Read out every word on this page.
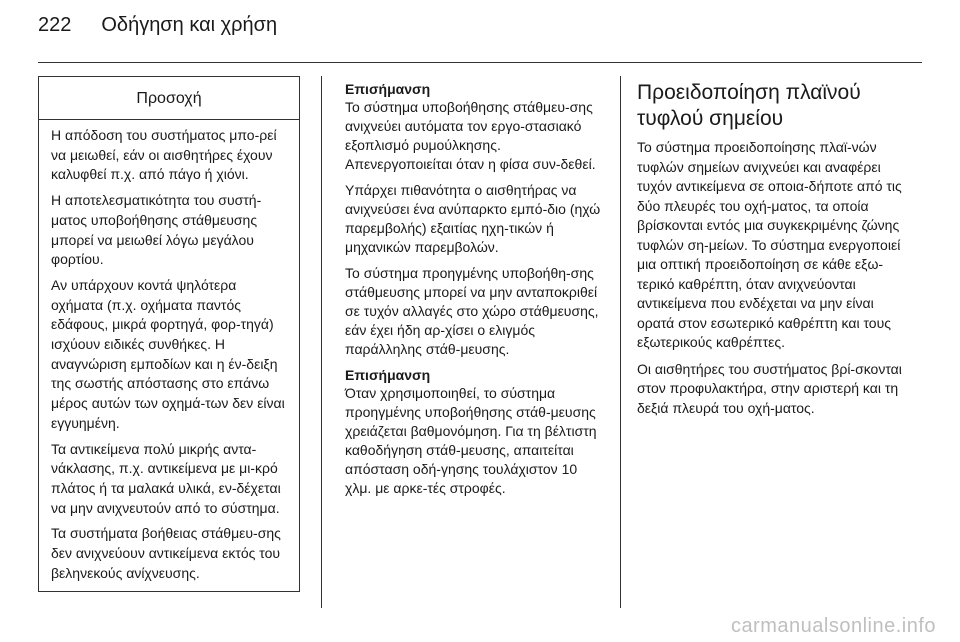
222 Οδήγηση και χρήση
Προσοχή

Η απόδοση του συστήματος μπο-ρεί να μειωθεί, εάν οι αισθητήρες έχουν καλυφθεί π.χ. από πάγο ή χιόνι.

Η αποτελεσματικότητα του συστή-ματος υποβοήθησης στάθμευσης μπορεί να μειωθεί λόγω μεγάλου φορτίου.

Αν υπάρχουν κοντά ψηλότερα οχήματα (π.χ. οχήματα παντός εδάφους, μικρά φορτηγά, φορ-τηγά) ισχύουν ειδικές συνθήκες. Η αναγνώριση εμποδίων και η έν-δειξη της σωστής απόστασης στο επάνω μέρος αυτών των οχημά-των δεν είναι εγγυημένη.

Τα αντικείμενα πολύ μικρής αντα-νάκλασης, π.χ. αντικείμενα με μι-κρό πλάτος ή τα μαλακά υλικά, εν-δέχεται να μην ανιχνευτούν από το σύστημα.

Τα συστήματα βοήθειας στάθμευ-σης δεν ανιχνεύουν αντικείμενα εκτός του βεληνεκούς ανίχνευσης.

Επισήμανση

Το σύστημα υποβοήθησης στάθμευ-σης ανιχνεύει αυτόματα τον εργο-στασιακό εξοπλισμό ρυμούλκησης. Απενεργοποιείται όταν η φίσα συν-δεθεί.

Υπάρχει πιθανότητα ο αισθητήρας να ανιχνεύσει ένα ανύπαρκτο εμπό-διο (ηχώ παρεμβολής) εξαιτίας ηχη-τικών ή μηχανικών παρεμβολών.

Το σύστημα προηγμένης υποβοήθη-σης στάθμευσης μπορεί να μην ανταποκριθεί σε τυχόν αλλαγές στο χώρο στάθμευσης, εάν έχει ήδη αρ-χίσει ο ελιγμός παράλληλης στάθ-μευσης.

Επισήμανση

Όταν χρησιμοποιηθεί, το σύστημα προηγμένης υποβοήθησης στάθ-μευσης χρειάζεται βαθμονόμηση. Για τη βέλτιστη καθοδήγηση στάθ-μευσης, απαιτείται απόσταση οδή-γησης τουλάχιστον 10 χλμ. με αρκε-τές στροφές.

Προειδοποίηση πλαϊνού τυφλού σημείου

Το σύστημα προειδοποίησης πλαϊ-νών τυφλών σημείων ανιχνεύει και αναφέρει τυχόν αντικείμενα σε οποια-δήποτε από τις δύο πλευρές του οχή-ματος, τα οποία βρίσκονται εντός μια συγκεκριμένης ζώνης τυφλών ση-μείων. Το σύστημα ενεργοποιεί μια οπτική προειδοποίηση σε κάθε εξω-τερικό καθρέπτη, όταν ανιχνεύονται αντικείμενα που ενδέχεται να μην είναι ορατά στον εσωτερικό καθρέπτη και τους εξωτερικούς καθρέπτες.

Οι αισθητήρες του συστήματος βρί-σκονται στον προφυλακτήρα, στην αριστερή και τη δεξιά πλευρά του οχή-ματος.

carmanualsonline.info
